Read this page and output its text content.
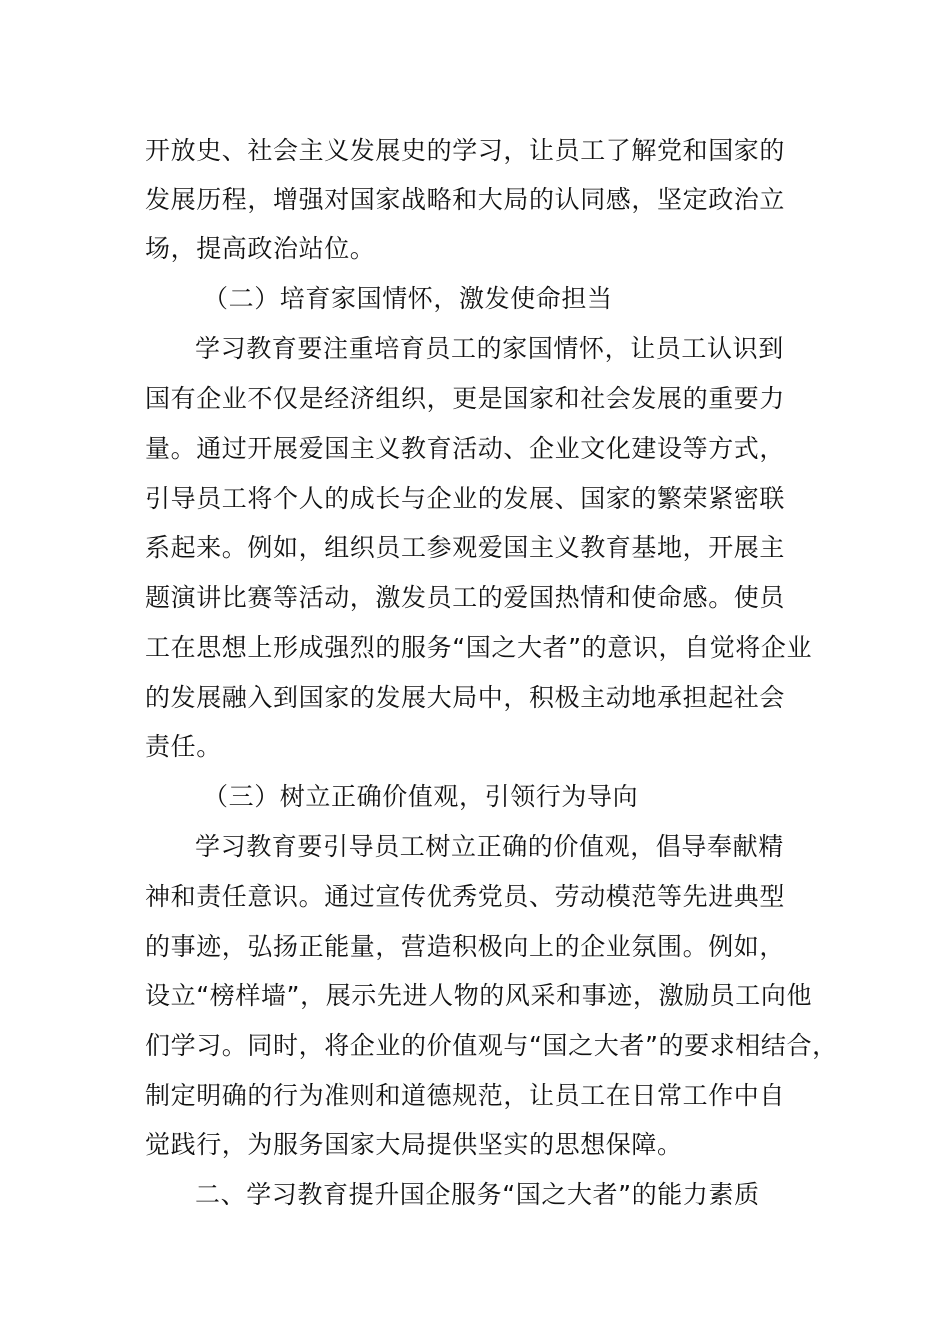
开放史、社会主义发展史的学习，让员工了解党和国家的
发展历程，增强对国家战略和大局的认同感，坚定政治立
场，提高政治站位。
（二）培育家国情怀，激发使命担当
学习教育要注重培育员工的家国情怀，让员工认识到
国有企业不仅是经济组织，更是国家和社会发展的重要力
量。通过开展爱国主义教育活动、企业文化建设等方式，
引导员工将个人的成长与企业的发展、国家的繁荣紧密联
系起来。例如，组织员工参观爱国主义教育基地，开展主
题演讲比赛等活动，激发员工的爱国热情和使命感。使员
工在思想上形成强烈的服务“国之大者”的意识，自觉将企业
的发展融入到国家的发展大局中，积极主动地承担起社会
责任。
（三）树立正确价值观，引领行为导向
学习教育要引导员工树立正确的价值观，倡导奉献精
神和责任意识。通过宣传优秀党员、劳动模范等先进典型
的事迹，弘扬正能量，营造积极向上的企业氛围。例如，
设立“榜样墙”，展示先进人物的风采和事迹，激励员工向他
们学习。同时，将企业的价值观与“国之大者”的要求相结合，
制定明确的行为准则和道德规范，让员工在日常工作中自
觉践行，为服务国家大局提供坚实的思想保障。
二、学习教育提升国企服务“国之大者”的能力素质
